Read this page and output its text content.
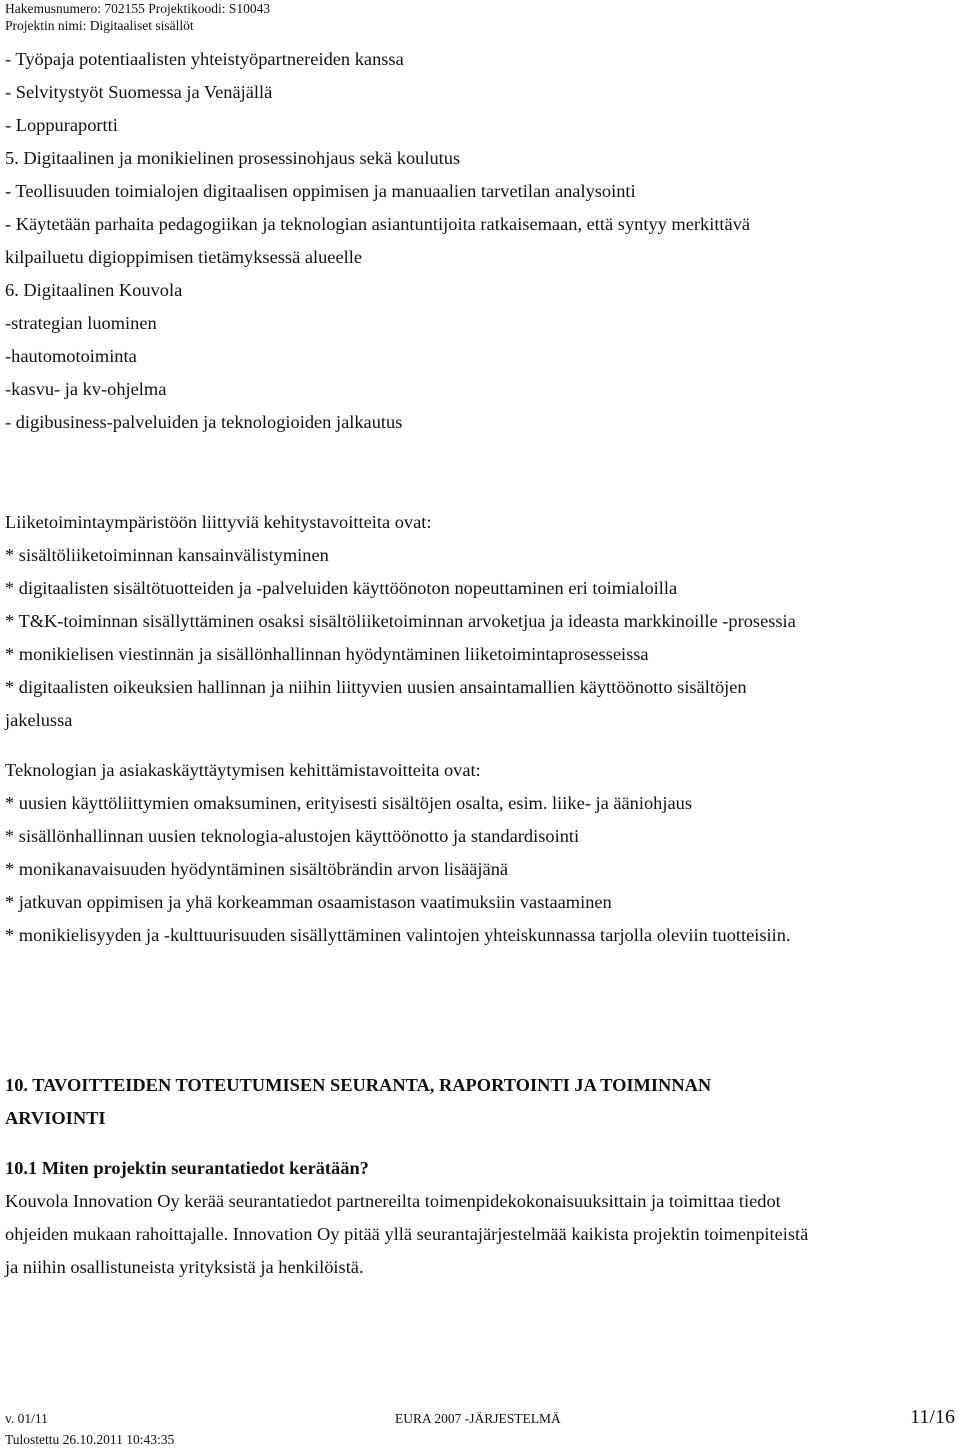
Hakemusnumero: 702155 Projektikoodi: S10043
Projektin nimi: Digitaaliset sisällöt
- Työpaja potentiaalisten yhteistyöpartnereiden kanssa
- Selvitystyöt Suomessa ja Venäjällä
- Loppuraportti
5. Digitaalinen ja monikielinen prosessinohjaus sekä koulutus
- Teollisuuden toimialojen digitaalisen oppimisen ja manuaalien tarvetilan analysointi
- Käytetään parhaita pedagogiikan ja teknologian asiantuntijoita ratkaisemaan, että syntyy merkittävä
kilpailuetu digioppimisen tietämyksessä alueelle
6. Digitaalinen Kouvola
-strategian luominen
-hautomotoiminta
-kasvu- ja kv-ohjelma
- digibusiness-palveluiden ja teknologioiden jalkautus
Liiketoimintaympäristöön liittyviä kehitystavoitteita ovat:
* sisältöliiketoiminnan kansainvälistyminen
* digitaalisten sisältötuotteiden ja -palveluiden käyttöönoton nopeuttaminen eri toimialoilla
* T&K-toiminnan sisällyttäminen osaksi sisältöliiketoiminnan arvoketjua ja ideasta markkinoille -prosessia
* monikielisen viestinnän ja sisällönhallinnan hyödyntäminen liiketoimintaprosesseissa
* digitaalisten oikeuksien hallinnan ja niihin liittyvien uusien ansaintamallien käyttöönotto sisältöjen
jakelussa
Teknologian ja asiakaskäyttäytymisen kehittämistavoitteita ovat:
* uusien käyttöliittymien omaksuminen, erityisesti sisältöjen osalta, esim. liike- ja ääniohjaus
* sisällönhallinnan uusien teknologia-alustojen käyttöönotto ja standardisointi
* monikanavaisuuden hyödyntäminen sisältöbrändin arvon lisääjänä
* jatkuvan oppimisen ja yhä korkeamman osaamistason vaatimuksiin vastaaminen
* monikielisyyden ja -kulttuurisuuden sisällyttäminen valintojen yhteiskunnassa tarjolla oleviin tuotteisiin.
10. TAVOITTEIDEN TOTEUTUMISEN SEURANTA, RAPORTOINTI JA TOIMINNAN
ARVIOINTI
10.1 Miten projektin seurantatiedot kerätään?
Kouvola Innovation Oy kerää seurantatiedot partnereilta toimenpidekokonaisuuksittain ja toimittaa tiedot
ohjeiden mukaan rahoittajalle. Innovation Oy pitää yllä seurantajärjestelmää kaikista projektin toimenpiteistä
ja niihin osallistuneista yrityksistä ja henkilöistä.
v. 01/11	EURA 2007 -JÄRJESTELMÄ	11/16
Tulostettu 26.10.2011 10:43:35
